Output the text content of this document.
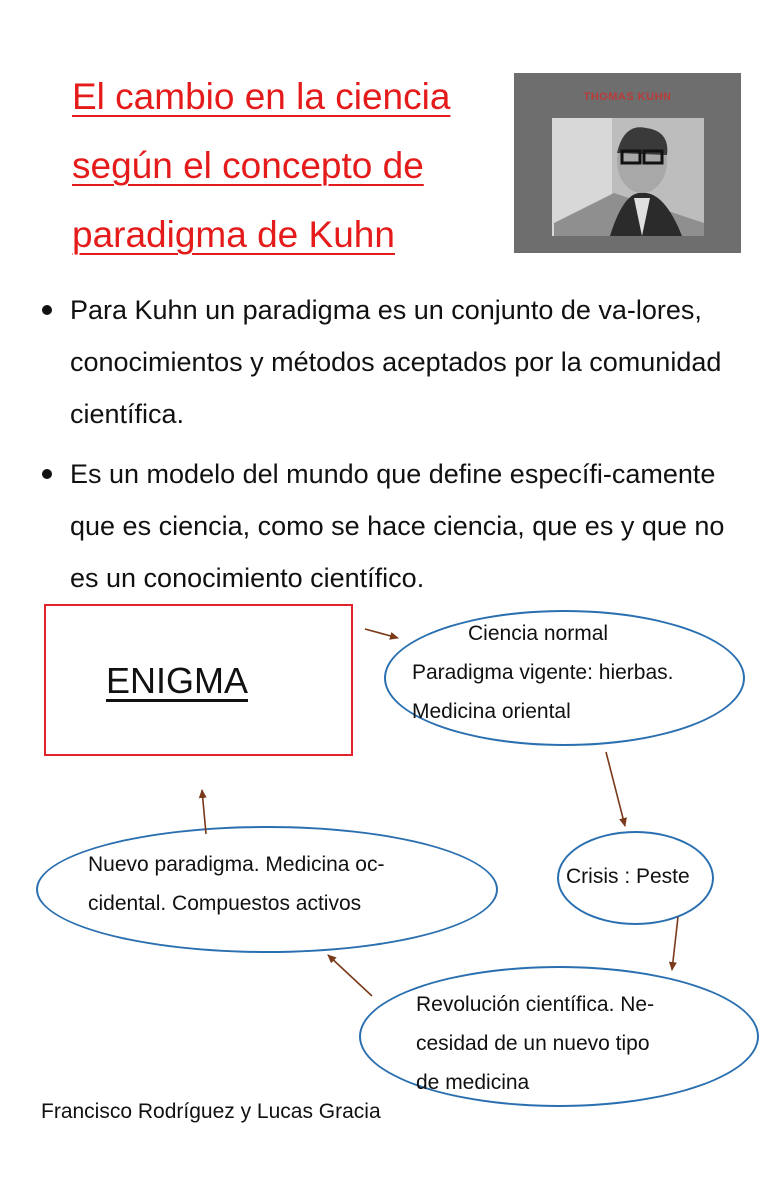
El cambio en la ciencia
según el concepto de
paradigma de Kuhn
THOMAS KUHN
Para Kuhn un paradigma es un conjunto de va-lores, conocimientos y métodos aceptados por la comunidad científica.
Es un modelo del mundo que define específi-camente que es ciencia, como se hace ciencia, que es y que no es un conocimiento científico.
ENIGMA
Ciencia normal
Paradigma vigente: hierbas.
Medicina oriental
Crisis : Peste
Revolución científica. Ne-
cesidad de un nuevo tipo
de medicina
Nuevo paradigma. Medicina oc-
cidental. Compuestos activos
Francisco Rodríguez y Lucas Gracia
